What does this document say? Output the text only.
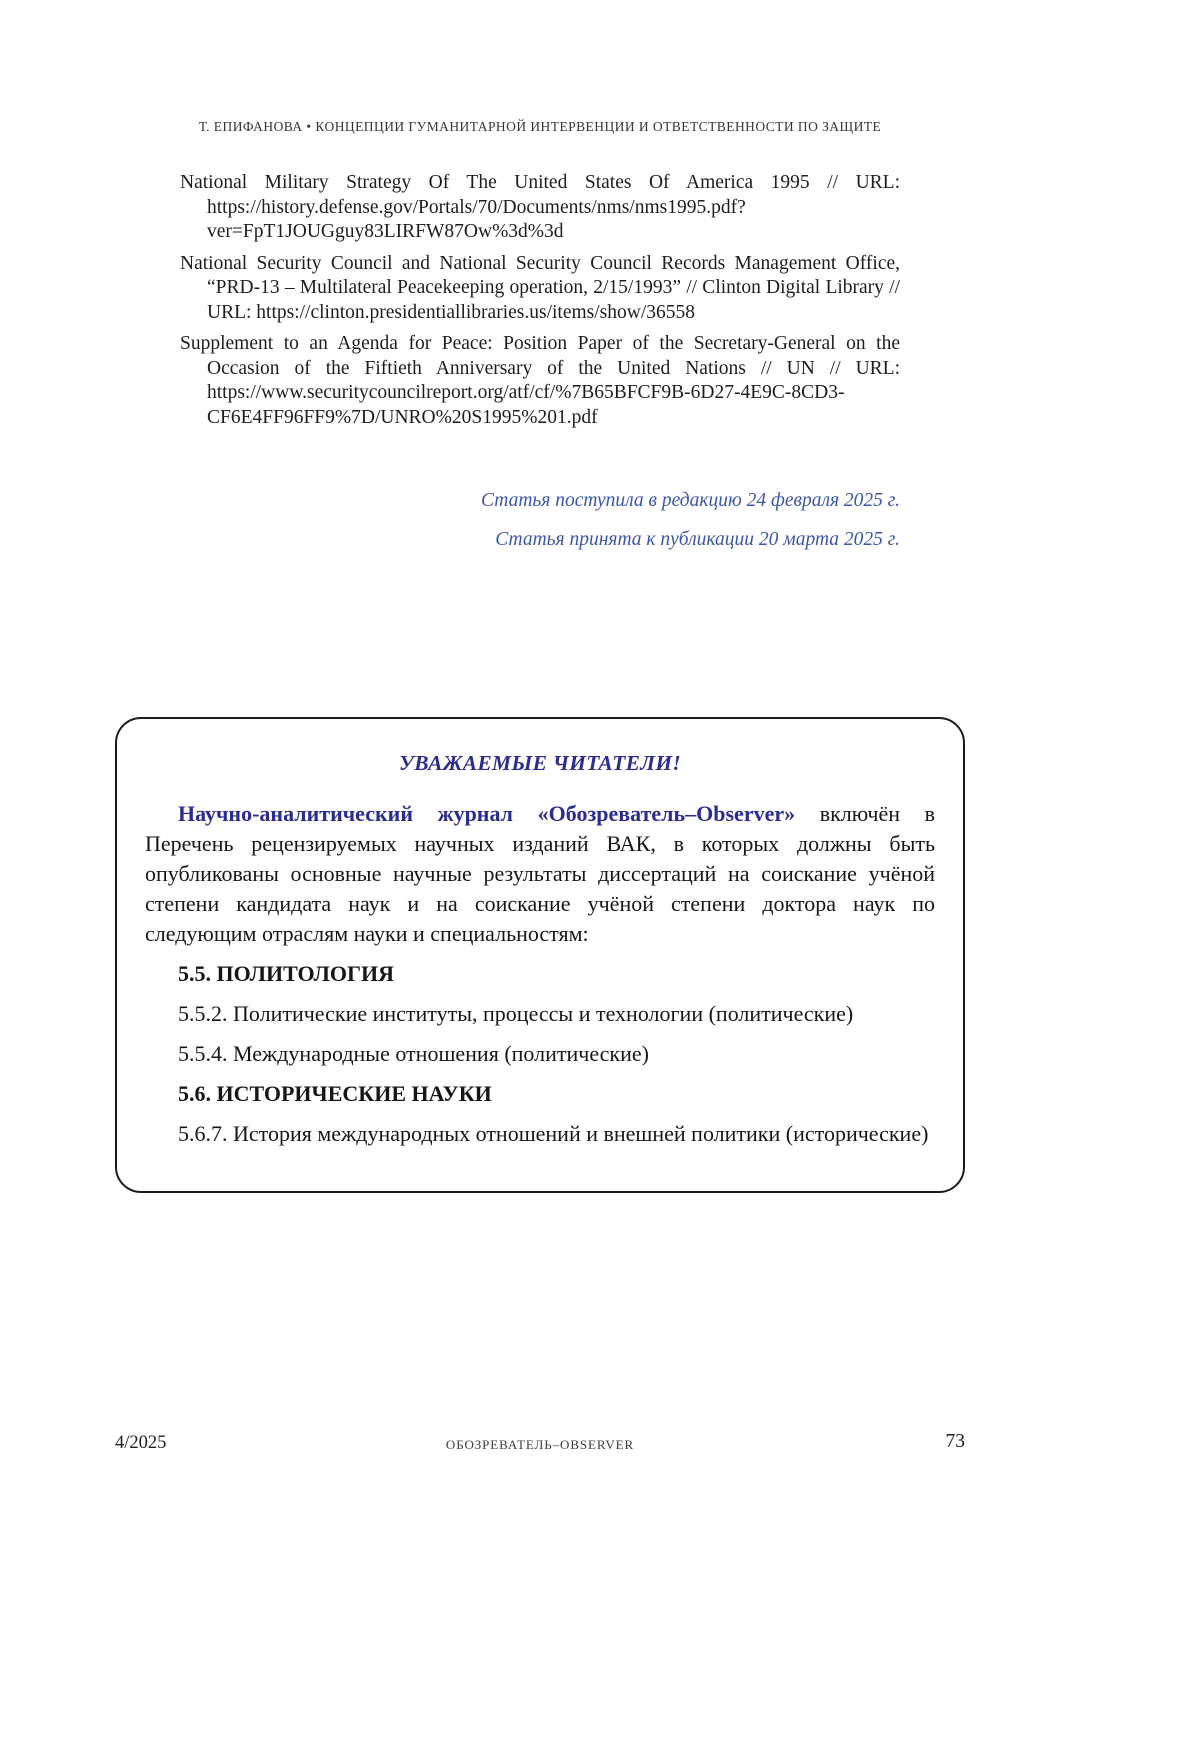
Т. ЕПИФАНОВА • КОНЦЕПЦИИ ГУМАНИТАРНОЙ ИНТЕРВЕНЦИИ И ОТВЕТСТВЕННОСТИ ПО ЗАЩИТЕ

National Military Strategy Of The United States Of America 1995 // URL: https://history.defense.gov/Portals/70/Documents/nms/nms1995.pdf?ver=FpT1JOUGguy83LIRFW87Ow%3d%3d

National Security Council and National Security Council Records Management Office, “PRD-13 – Multilateral Peacekeeping operation, 2/15/1993” // Clinton Digital Library // URL: https://clinton.presidentiallibraries.us/items/show/36558

Supplement to an Agenda for Peace: Position Paper of the Secretary-General on the Occasion of the Fiftieth Anniversary of the United Nations // UN // URL: https://www.securitycouncilreport.org/atf/cf/%7B65BFCF9B-6D27-4E9C-8CD3-CF6E4FF96FF9%7D/UNRO%20S1995%201.pdf

Статья поступила в редакцию 24 февраля 2025 г.
Статья принята к публикации 20 марта 2025 г.
УВАЖАЕМЫЕ ЧИТАТЕЛИ!

Научно-аналитический журнал «Обозреватель–Observer» включён в Перечень рецензируемых научных изданий ВАК, в которых должны быть опубликованы основные научные результаты диссертаций на соискание учёной степени кандидата наук и на соискание учёной степени доктора наук по следующим отраслям науки и специальностям:

5.5. ПОЛИТОЛОГИЯ

5.5.2. Политические институты, процессы и технологии (политические)

5.5.4. Международные отношения (политические)

5.6. ИСТОРИЧЕСКИЕ НАУКИ

5.6.7. История международных отношений и внешней политики (исторические)

4/2025	ОБОЗРЕВАТЕЛЬ–OBSERVER	73
